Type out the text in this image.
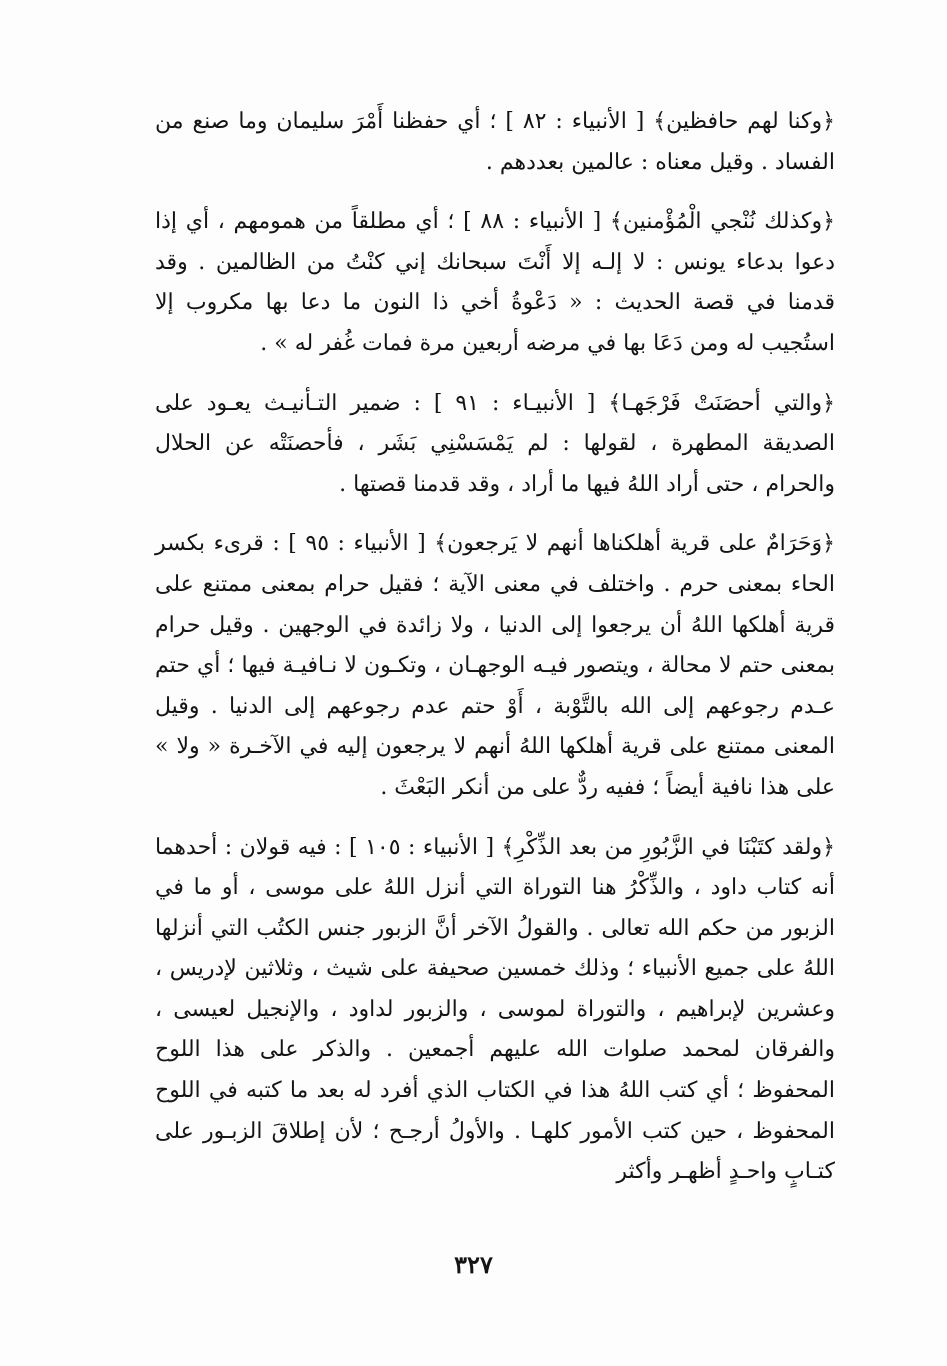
﴿وكنا لهم حافظين﴾ [ الأنبياء : ٨٢ ] ؛ أي حفظنا أَمْرَ سليمان وما صنع من الفساد . وقيل معناه : عالمين بعددهم .

﴿وكذلك نُنْجي الْمُؤْمنين﴾ [ الأنبياء : ٨٨ ] ؛ أي مطلقاً من همومهم ، أي إذا دعوا بدعاء يونس : لا إلـه إلا أَنْتَ سبحانك إني كنْتُ من الظالمين . وقد قدمنا في قصة الحديث : « دَعْوةُ أخي ذا النون ما دعا بها مكروب إلا استُجيب له ومن دَعَا بها في مرضه أربعين مرة فمات غُفر له » .

﴿والتي أحصَنَتْ فَرْجَهـا﴾ [ الأنبيـاء : ٩١ ] : ضمير التـأنيـث يعـود على الصديقة المطهرة ، لقولها : لم يَمْسَسْنِي بَشَر ، فأحصنَتْه عن الحلال والحرام ، حتى أراد اللهُ فيها ما أراد ، وقد قدمنا قصتها .

﴿وَحَرَامٌ على قرية أهلكناها أنهم لا يَرجعون﴾ [ الأنبياء : ٩٥ ] : قرىء بكسر الحاء بمعنى حرم . واختلف في معنى الآية ؛ فقيل حرام بمعنى ممتنع على قرية أهلكها اللهُ أن يرجعوا إلى الدنيا ، ولا زائدة في الوجهين . وقيل حرام بمعنى حتم لا محالة ، ويتصور فيـه الوجهـان ، وتكـون لا نـافيـة فيها ؛ أي حتم عـدم رجوعهم إلى الله بالتَّوْبة ، أَوْ حتم عدم رجوعهم إلى الدنيا . وقيل المعنى ممتنع على قرية أهلكها اللهُ أنهم لا يرجعون إليه في الآخـرة « ولا » على هذا نافية أيضاً ؛ ففيه ردٌّ على من أنكر البَعْثَ .

﴿ولقد كتَبْنَا في الزَّبُورِ من بعد الذِّكْرِ﴾ [ الأنبياء : ١٠٥ ] : فيه قولان : أحدهما أنه كتاب داود ، والذِّكْرُ هنا التوراة التي أنزل اللهُ على موسى ، أو ما في الزبور من حكم الله تعالى . والقولُ الآخر أنَّ الزبور جنس الكتُب التي أنزلها اللهُ على جميع الأنبياء ؛ وذلك خمسين صحيفة على شيث ، وثلاثين لإدريس ، وعشرين لإبراهيم ، والتوراة لموسى ، والزبور لداود ، والإنجيل لعيسى ، والفرقان لمحمد صلوات الله عليهم أجمعين . والذكر على هذا اللوح المحفوظ ؛ أي كتب اللهُ هذا في الكتاب الذي أفرد له بعد ما كتبه في اللوح المحفوظ ، حين كتب الأمور كلهـا . والأولُ أرجـح ؛ لأن إطلاقَ الزبـور على كتـابٍ واحـدٍ أظهـر وأكثر

٣٢٧
